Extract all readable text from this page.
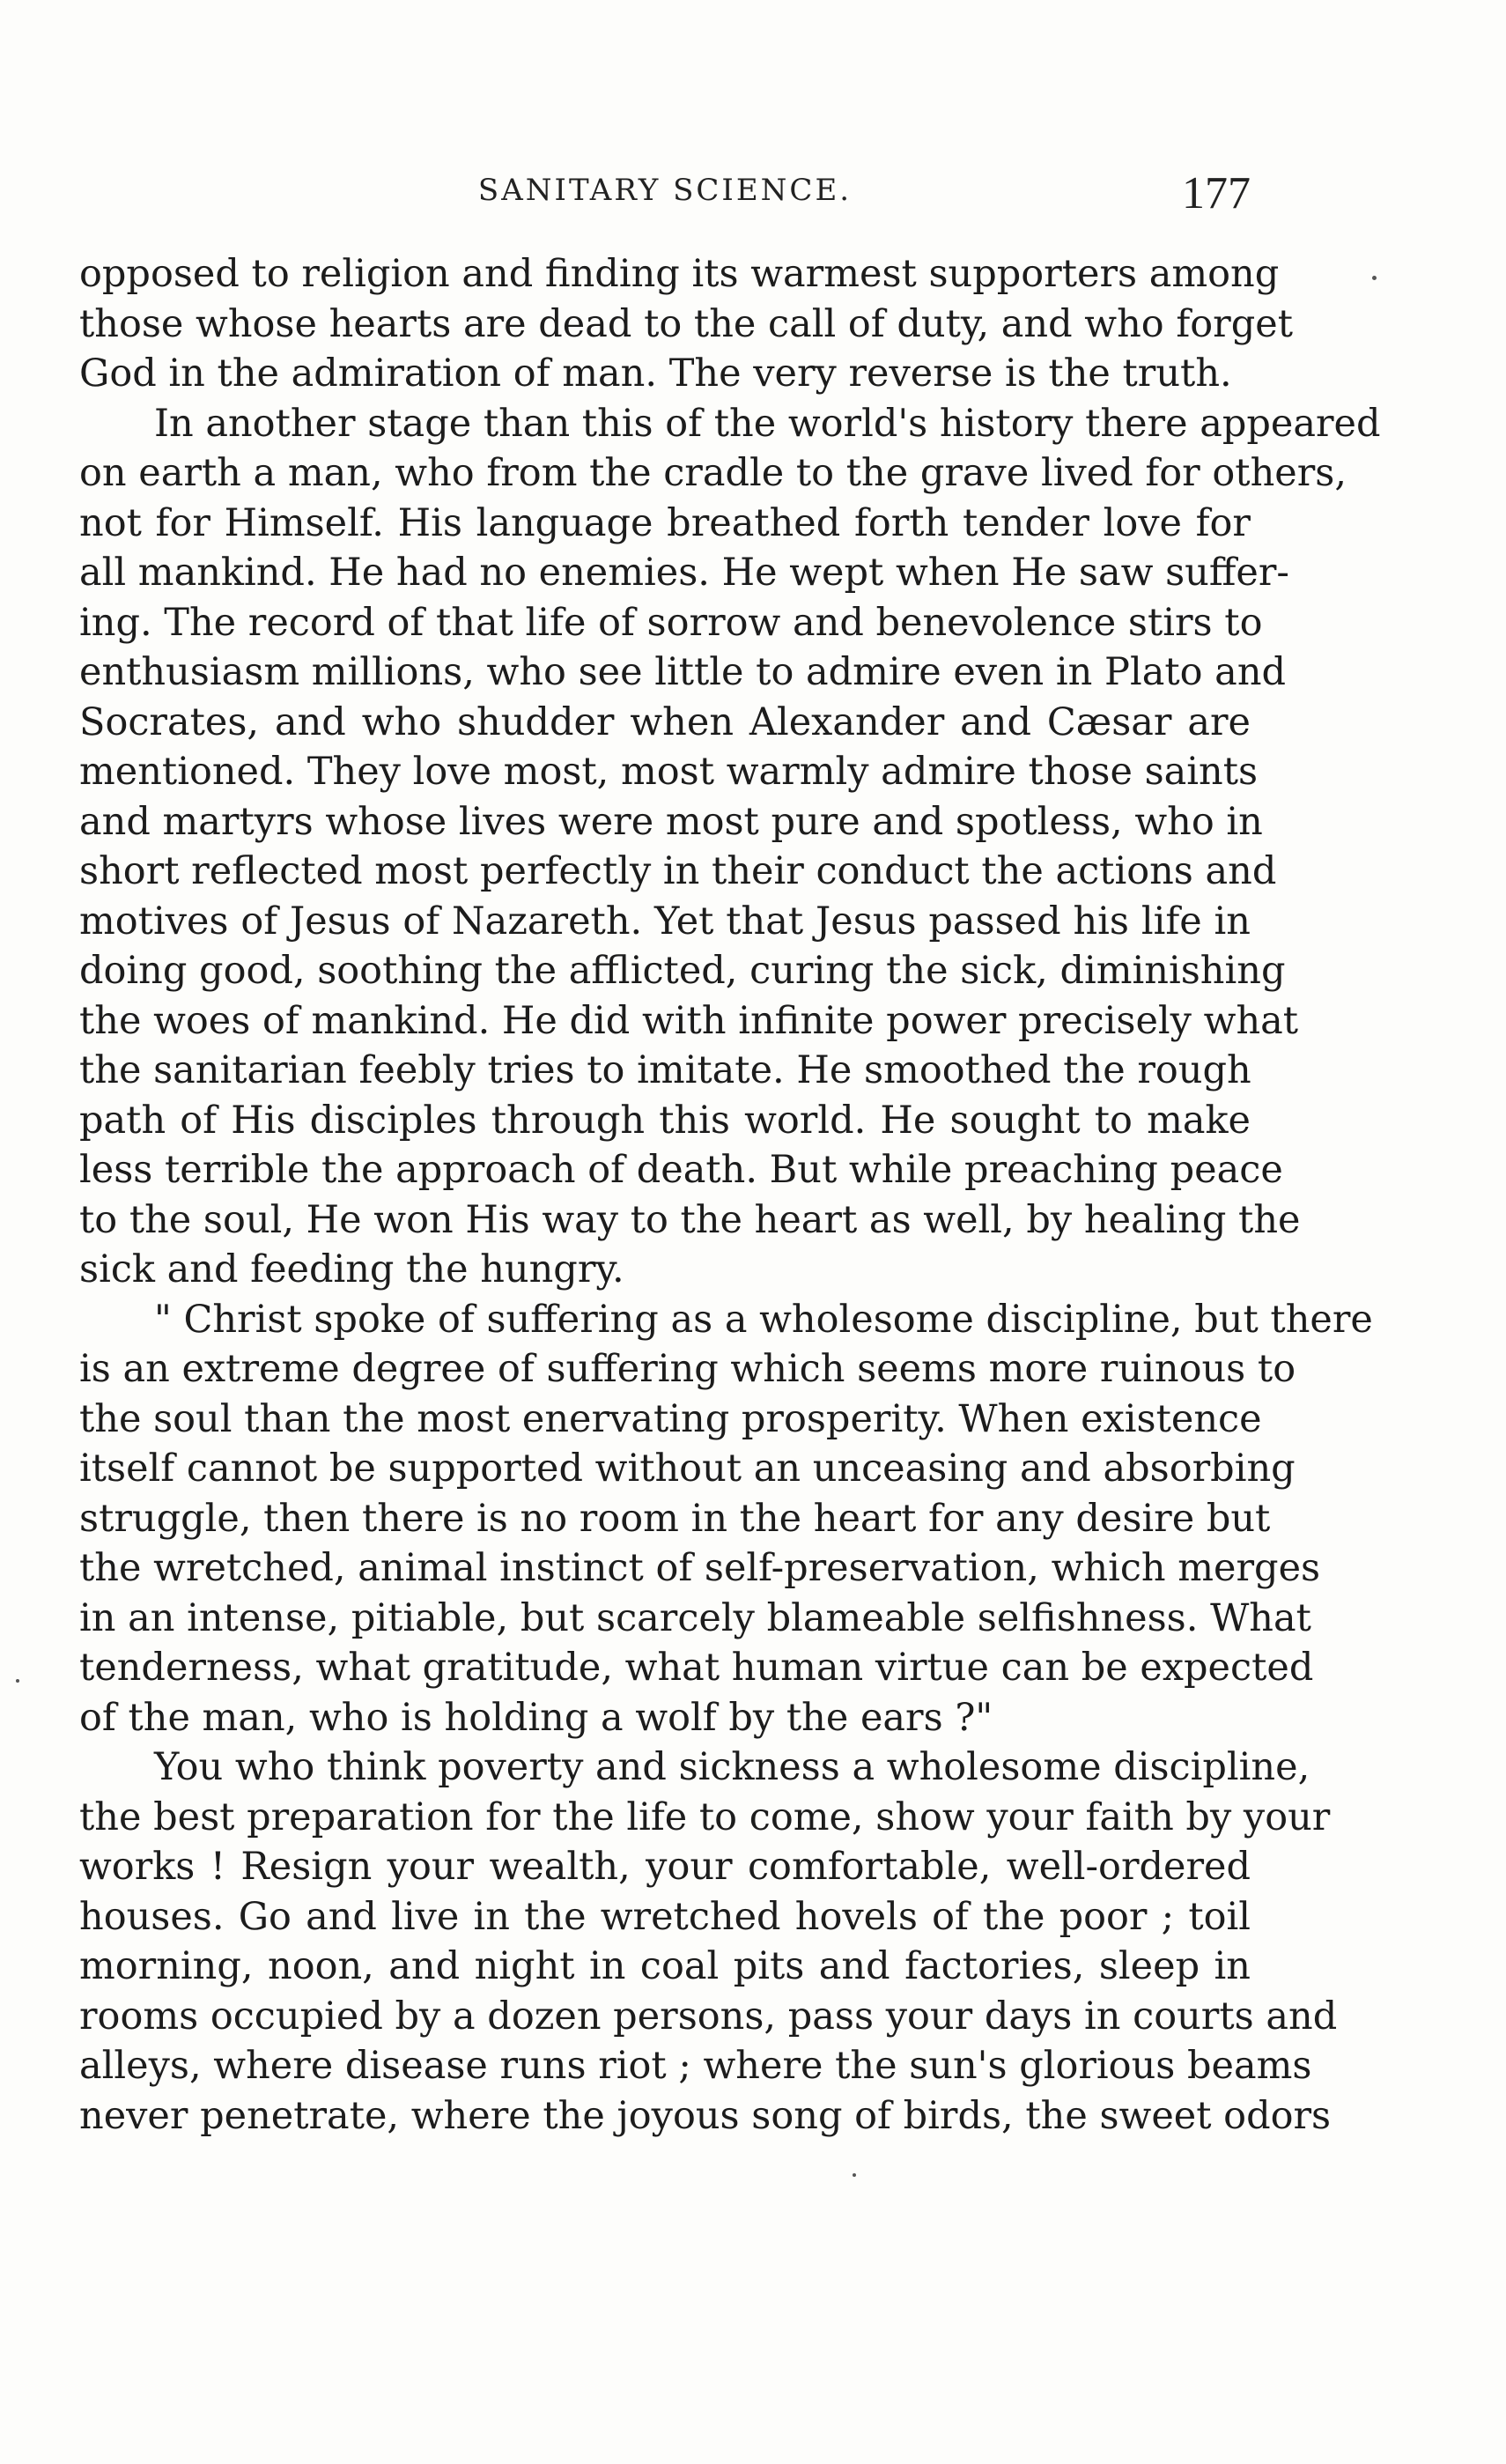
SANITARY SCIENCE.	177
opposed to religion and finding its warmest supporters among
those whose hearts are dead to the call of duty, and who forget
God in the admiration of man. The very reverse is the truth.
In another stage than this of the world's history there appeared
on earth a man, who from the cradle to the grave lived for others,
not for Himself. His language breathed forth tender love for
all mankind. He had no enemies. He wept when He saw suffer-
ing. The record of that life of sorrow and benevolence stirs to
enthusiasm millions, who see little to admire even in Plato and
Socrates, and who shudder when Alexander and Cæsar are
mentioned. They love most, most warmly admire those saints
and martyrs whose lives were most pure and spotless, who in
short reflected most perfectly in their conduct the actions and
motives of Jesus of Nazareth. Yet that Jesus passed his life in
doing good, soothing the afflicted, curing the sick, diminishing
the woes of mankind. He did with infinite power precisely what
the sanitarian feebly tries to imitate. He smoothed the rough
path of His disciples through this world. He sought to make
less terrible the approach of death. But while preaching peace
to the soul, He won His way to the heart as well, by healing the
sick and feeding the hungry.
" Christ spoke of suffering as a wholesome discipline, but there
is an extreme degree of suffering which seems more ruinous to
the soul than the most enervating prosperity. When existence
itself cannot be supported without an unceasing and absorbing
struggle, then there is no room in the heart for any desire but
the wretched, animal instinct of self-preservation, which merges
in an intense, pitiable, but scarcely blameable selfishness. What
tenderness, what gratitude, what human virtue can be expected
of the man, who is holding a wolf by the ears ?"
You who think poverty and sickness a wholesome discipline,
the best preparation for the life to come, show your faith by your
works ! Resign your wealth, your comfortable, well-ordered
houses. Go and live in the wretched hovels of the poor ; toil
morning, noon, and night in coal pits and factories, sleep in
rooms occupied by a dozen persons, pass your days in courts and
alleys, where disease runs riot ; where the sun's glorious beams
never penetrate, where the joyous song of birds, the sweet odors
